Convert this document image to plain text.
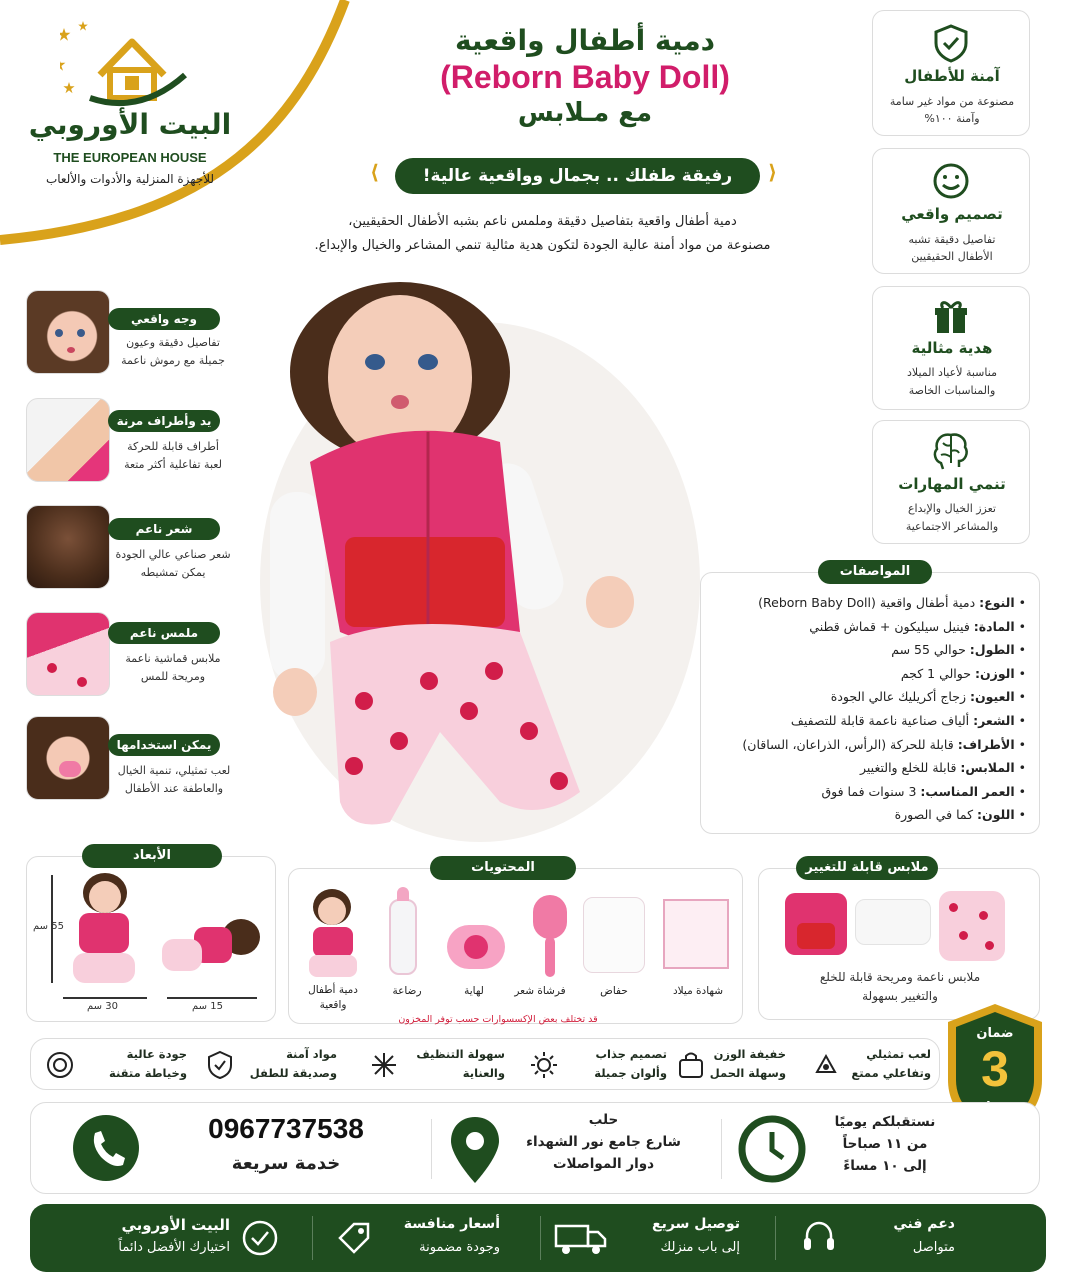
البيت الأوروبي
THE EUROPEAN HOUSE
للأجهزة المنزلية والأدوات والألعاب
دمية أطفال واقعية
(Reborn Baby Doll)
مع مـلابس
رفيقة طفلك .. بجمال وواقعية عالية!
⟨	⟩
دمية أطفال واقعية بتفاصيل دقيقة وملمس ناعم بشبه الأطفال الحقيقيين،
مصنوعة من مواد أمنة عالية الجودة لتكون هدية مثالية تنمي المشاعر والخيال والإبداع.
آمنة للأطفال
مصنوعة من مواد غير سامة
وآمنة ١٠٠%
تصميم واقعي
تفاصيل دقيقة تشبه
الأطفال الحقيقيين
هدية مثالية
مناسبة لأعياد الميلاد
والمناسبات الخاصة
تنمي المهارات
تعزز الخيال والإبداع
والمشاعر الاجتماعية
وجه واقعي
تفاصيل دقيقة وعيون
جميلة مع رموش ناعمة
يد وأطراف مرنة
أطراف قابلة للحركة
لعبة تفاعلية أكثر متعة
شعر ناعم
شعر صناعي عالي الجودة
يمكن تمشيطه
ملمس ناعم
ملابس قماشية ناعمة
ومريحة للمس
يمكن استخدامها
لعب تمثيلي، تنمية الخيال
والعاطفة عند الأطفال
• النوع: دمية أطفال واقعية (Reborn Baby Doll)
• المادة: فينيل سيليكون + قماش قطني
• الطول: حوالي 55 سم
• الوزن: حوالي 1 كجم
• العيون: زجاج أكريليك عالي الجودة
• الشعر: ألياف صناعية ناعمة قابلة للتصفيف
• الأطراف: قابلة للحركة (الرأس، الذراعان، الساقان)
• الملابس: قابلة للخلع والتغيير
• العمر المناسب: 3 سنوات فما فوق
• اللون: كما في الصورة
المواصفات
55 سم
30 سم	15 سم
الأبعاد
شهادة ميلاد
حفاض
فرشاة شعر
لهاية
رضاعة
دمية أطفال واقعية
المحتويات
قد تختلف بعض الإكسسوارات حسب توفر المخزون
ملابس ناعمة ومريحة قابلة للخلع
والتغيير بسهولة
ملابس قابلة للتغيير
جودة عالية
وخياطة متقنة
مواد آمنة
وصديقة للطفل
سهولة التنظيف
والعناية
تصميم جذاب
وألوان جميلة
خفيفة الوزن
وسهلة الحمل
لعب تمثيلي
وتفاعلي ممتع
ضمان
3
0967737538
خدمة سريعة
حلب
شارع جامع نور الشهداء
دوار المواصلات
نستقبلكم يوميًا
من ١١ صباحاً
إلى ١٠ مساءً
البيت الأوروبي
اختيارك الأفضل دائماً
أسعار منافسة
وجودة مضمونة
توصيل سريع
إلى باب منزلك
دعم فني
متواصل
